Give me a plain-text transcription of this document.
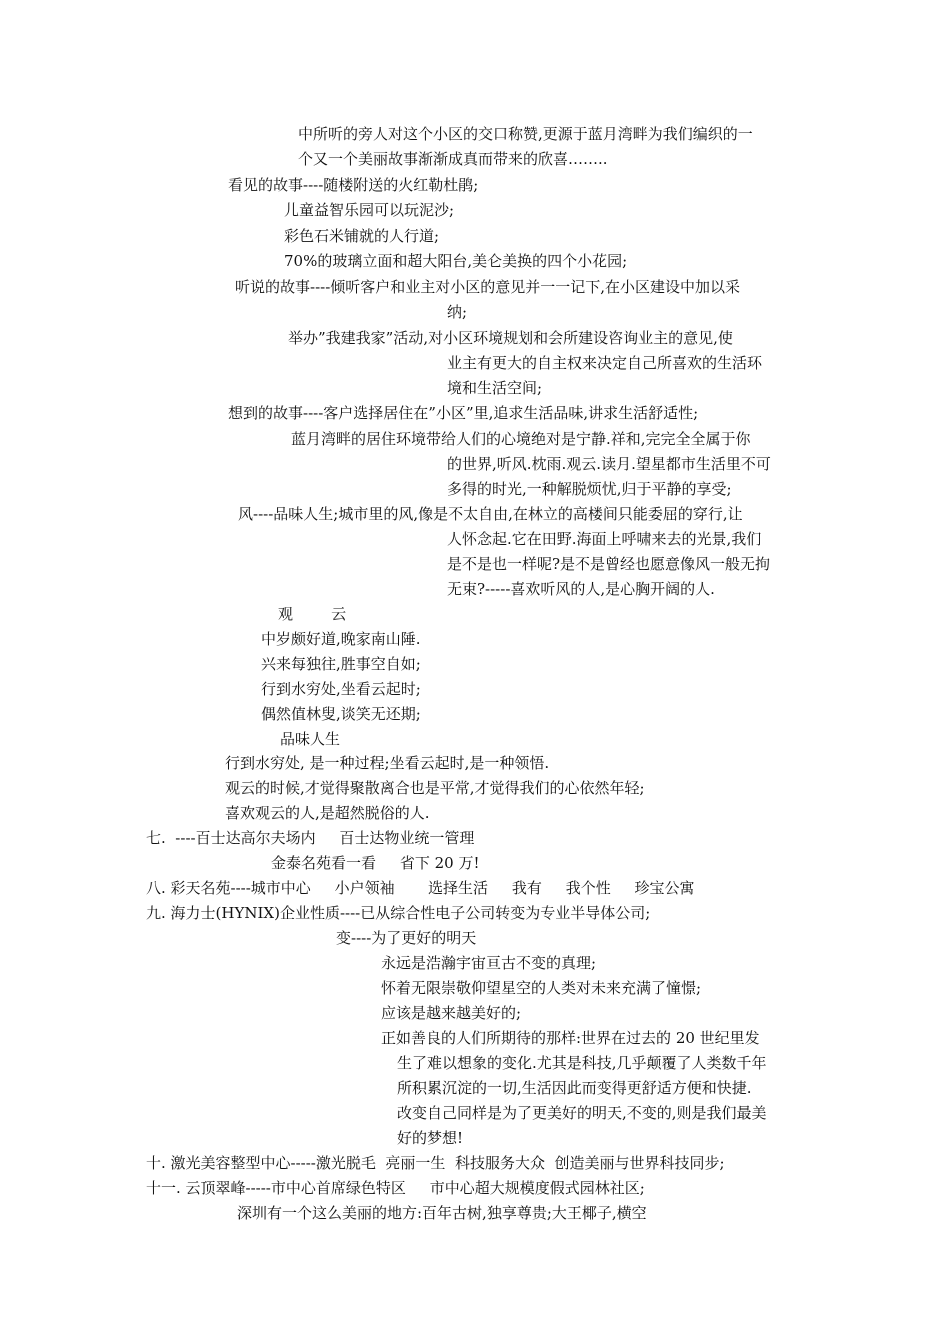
中所听的旁人对这个小区的交口称赞,更源于蓝月湾畔为我们编织的一
个又一个美丽故事渐渐成真而带来的欣喜……..
看见的故事----随楼附送的火红勒杜鹃;
儿童益智乐园可以玩泥沙;
彩色石米铺就的人行道;
70%的玻璃立面和超大阳台,美仑美换的四个小花园;
听说的故事----倾听客户和业主对小区的意见并一一记下,在小区建设中加以采
纳;
举办”我建我家”活动,对小区环境规划和会所建设咨询业主的意见,使
业主有更大的自主权来决定自己所喜欢的生活环
境和生活空间;
想到的故事----客户选择居住在”小区”里,追求生活品味,讲求生活舒适性;
蓝月湾畔的居住环境带给人们的心境绝对是宁静.祥和,完完全全属于你
的世界,听风.枕雨.观云.读月.望星都市生活里不可
多得的时光,一种解脱烦忧,归于平静的享受;
风----品味人生;城市里的风,像是不太自由,在林立的高楼间只能委屈的穿行,让
人怀念起.它在田野.海面上呼啸来去的光景,我们
是不是也一样呢?是不是曾经也愿意像风一般无拘
无束?-----喜欢听风的人,是心胸开阔的人.
观        云
中岁颇好道,晚家南山陲.
兴来每独往,胜事空自如;
行到水穷处,坐看云起时;
偶然值林叟,谈笑无还期;
品味人生
行到水穷处, 是一种过程;坐看云起时,是一种领悟.
观云的时候,才觉得聚散离合也是平常,才觉得我们的心依然年轻;
喜欢观云的人,是超然脱俗的人.
七.  ----百士达高尔夫场内     百士达物业统一管理
金泰名苑看一看     省下 20 万!
八. 彩天名苑----城市中心     小户领袖       选择生活     我有     我个性     珍宝公寓
九. 海力士(HYNIX)企业性质----已从综合性电子公司转变为专业半导体公司;
变----为了更好的明天
永远是浩瀚宇宙亘古不变的真理;
怀着无限崇敬仰望星空的人类对未来充满了憧憬;
应该是越来越美好的;
正如善良的人们所期待的那样:世界在过去的 20 世纪里发
生了难以想象的变化.尤其是科技,几乎颠覆了人类数千年
所积累沉淀的一切,生活因此而变得更舒适方便和快捷.
改变自己同样是为了更美好的明天,不变的,则是我们最美
好的梦想!
十. 激光美容整型中心-----激光脱毛  亮丽一生  科技服务大众  创造美丽与世界科技同步;
十一. 云顶翠峰-----市中心首席绿色特区     市中心超大规模度假式园林社区;
深圳有一个这么美丽的地方:百年古树,独享尊贵;大王椰子,横空
